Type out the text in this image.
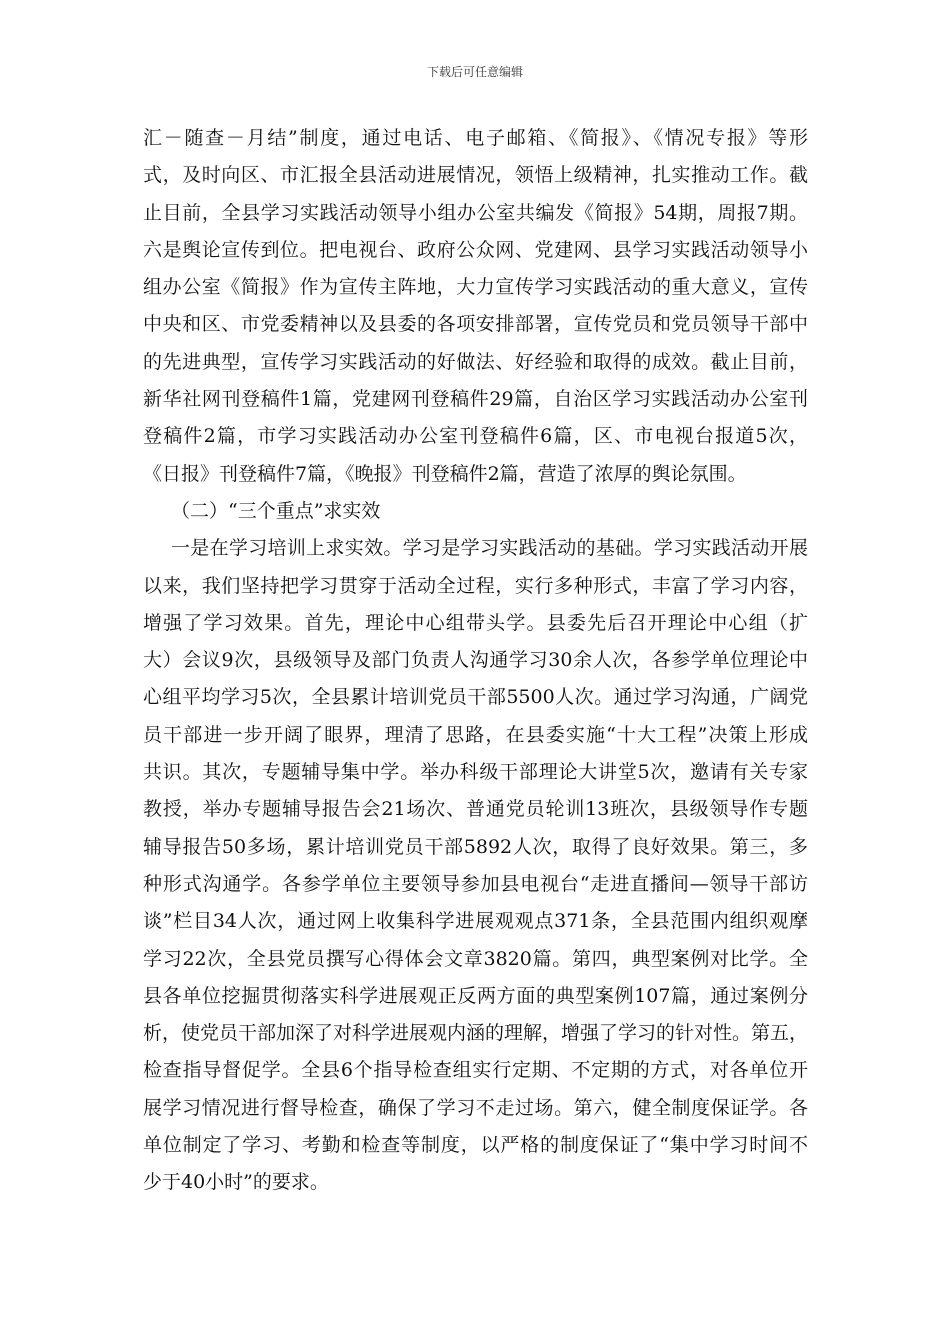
下载后可任意编辑
汇－随查－月结”制度，通过电话、电子邮箱、《简报》、《情况专报》等形
式，及时向区、市汇报全县活动进展情况，领悟上级精神，扎实推动工作。截
止目前，全县学习实践活动领导小组办公室共编发《简报》54期，周报7期。
六是舆论宣传到位。把电视台、政府公众网、党建网、县学习实践活动领导小
组办公室《简报》作为宣传主阵地，大力宣传学习实践活动的重大意义，宣传
中央和区、市党委精神以及县委的各项安排部署，宣传党员和党员领导干部中
的先进典型，宣传学习实践活动的好做法、好经验和取得的成效。截止目前，
新华社网刊登稿件1篇，党建网刊登稿件29篇，自治区学习实践活动办公室刊
登稿件2篇，市学习实践活动办公室刊登稿件6篇，区、市电视台报道5次，
《日报》刊登稿件7篇，《晚报》刊登稿件2篇，营造了浓厚的舆论氛围。
（二）“三个重点”求实效
一是在学习培训上求实效。学习是学习实践活动的基础。学习实践活动开展
以来，我们坚持把学习贯穿于活动全过程，实行多种形式，丰富了学习内容，
增强了学习效果。首先，理论中心组带头学。县委先后召开理论中心组（扩
大）会议9次，县级领导及部门负责人沟通学习30余人次，各参学单位理论中
心组平均学习5次，全县累计培训党员干部5500人次。通过学习沟通，广阔党
员干部进一步开阔了眼界，理清了思路，在县委实施“十大工程”决策上形成
共识。其次，专题辅导集中学。举办科级干部理论大讲堂5次，邀请有关专家
教授，举办专题辅导报告会21场次、普通党员轮训13班次，县级领导作专题
辅导报告50多场，累计培训党员干部5892人次，取得了良好效果。第三，多
种形式沟通学。各参学单位主要领导参加县电视台“走进直播间—领导干部访
谈”栏目34人次，通过网上收集科学进展观观点371条，全县范围内组织观摩
学习22次，全县党员撰写心得体会文章3820篇。第四，典型案例对比学。全
县各单位挖掘贯彻落实科学进展观正反两方面的典型案例107篇，通过案例分
析，使党员干部加深了对科学进展观内涵的理解，增强了学习的针对性。第五，
检查指导督促学。全县6个指导检查组实行定期、不定期的方式，对各单位开
展学习情况进行督导检查，确保了学习不走过场。第六，健全制度保证学。各
单位制定了学习、考勤和检查等制度，以严格的制度保证了“集中学习时间不
少于40小时”的要求。
